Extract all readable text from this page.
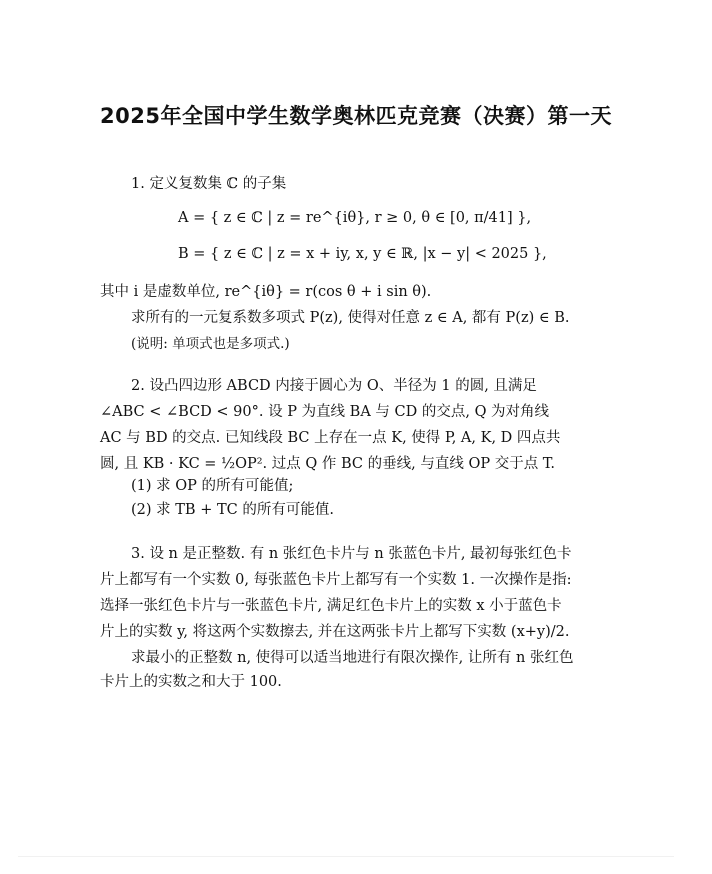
2025年全国中学生数学奥林匹克竞赛（决赛）第一天
1. 定义复数集 ℂ 的子集
A = { z ∈ ℂ | z = re^{iθ}, r ≥ 0, θ ∈ [0, π/41] },
B = { z ∈ ℂ | z = x + iy, x, y ∈ ℝ, |x − y| < 2025 },
其中 i 是虚数单位, re^{iθ} = r(cos θ + i sin θ).
求所有的一元复系数多项式 P(z), 使得对任意 z ∈ A, 都有 P(z) ∈ B.
(说明: 单项式也是多项式.)
2. 设凸四边形 ABCD 内接于圆心为 O、半径为 1 的圆, 且满足
∠ABC < ∠BCD < 90°. 设 P 为直线 BA 与 CD 的交点, Q 为对角线
AC 与 BD 的交点. 已知线段 BC 上存在一点 K, 使得 P, A, K, D 四点共
圆, 且 KB · KC = ½OP². 过点 Q 作 BC 的垂线, 与直线 OP 交于点 T.
(1) 求 OP 的所有可能值;
(2) 求 TB + TC 的所有可能值.
3. 设 n 是正整数. 有 n 张红色卡片与 n 张蓝色卡片, 最初每张红色卡
片上都写有一个实数 0, 每张蓝色卡片上都写有一个实数 1. 一次操作是指:
选择一张红色卡片与一张蓝色卡片, 满足红色卡片上的实数 x 小于蓝色卡
片上的实数 y, 将这两个实数擦去, 并在这两张卡片上都写下实数 (x+y)/2.
求最小的正整数 n, 使得可以适当地进行有限次操作, 让所有 n 张红色
卡片上的实数之和大于 100.
